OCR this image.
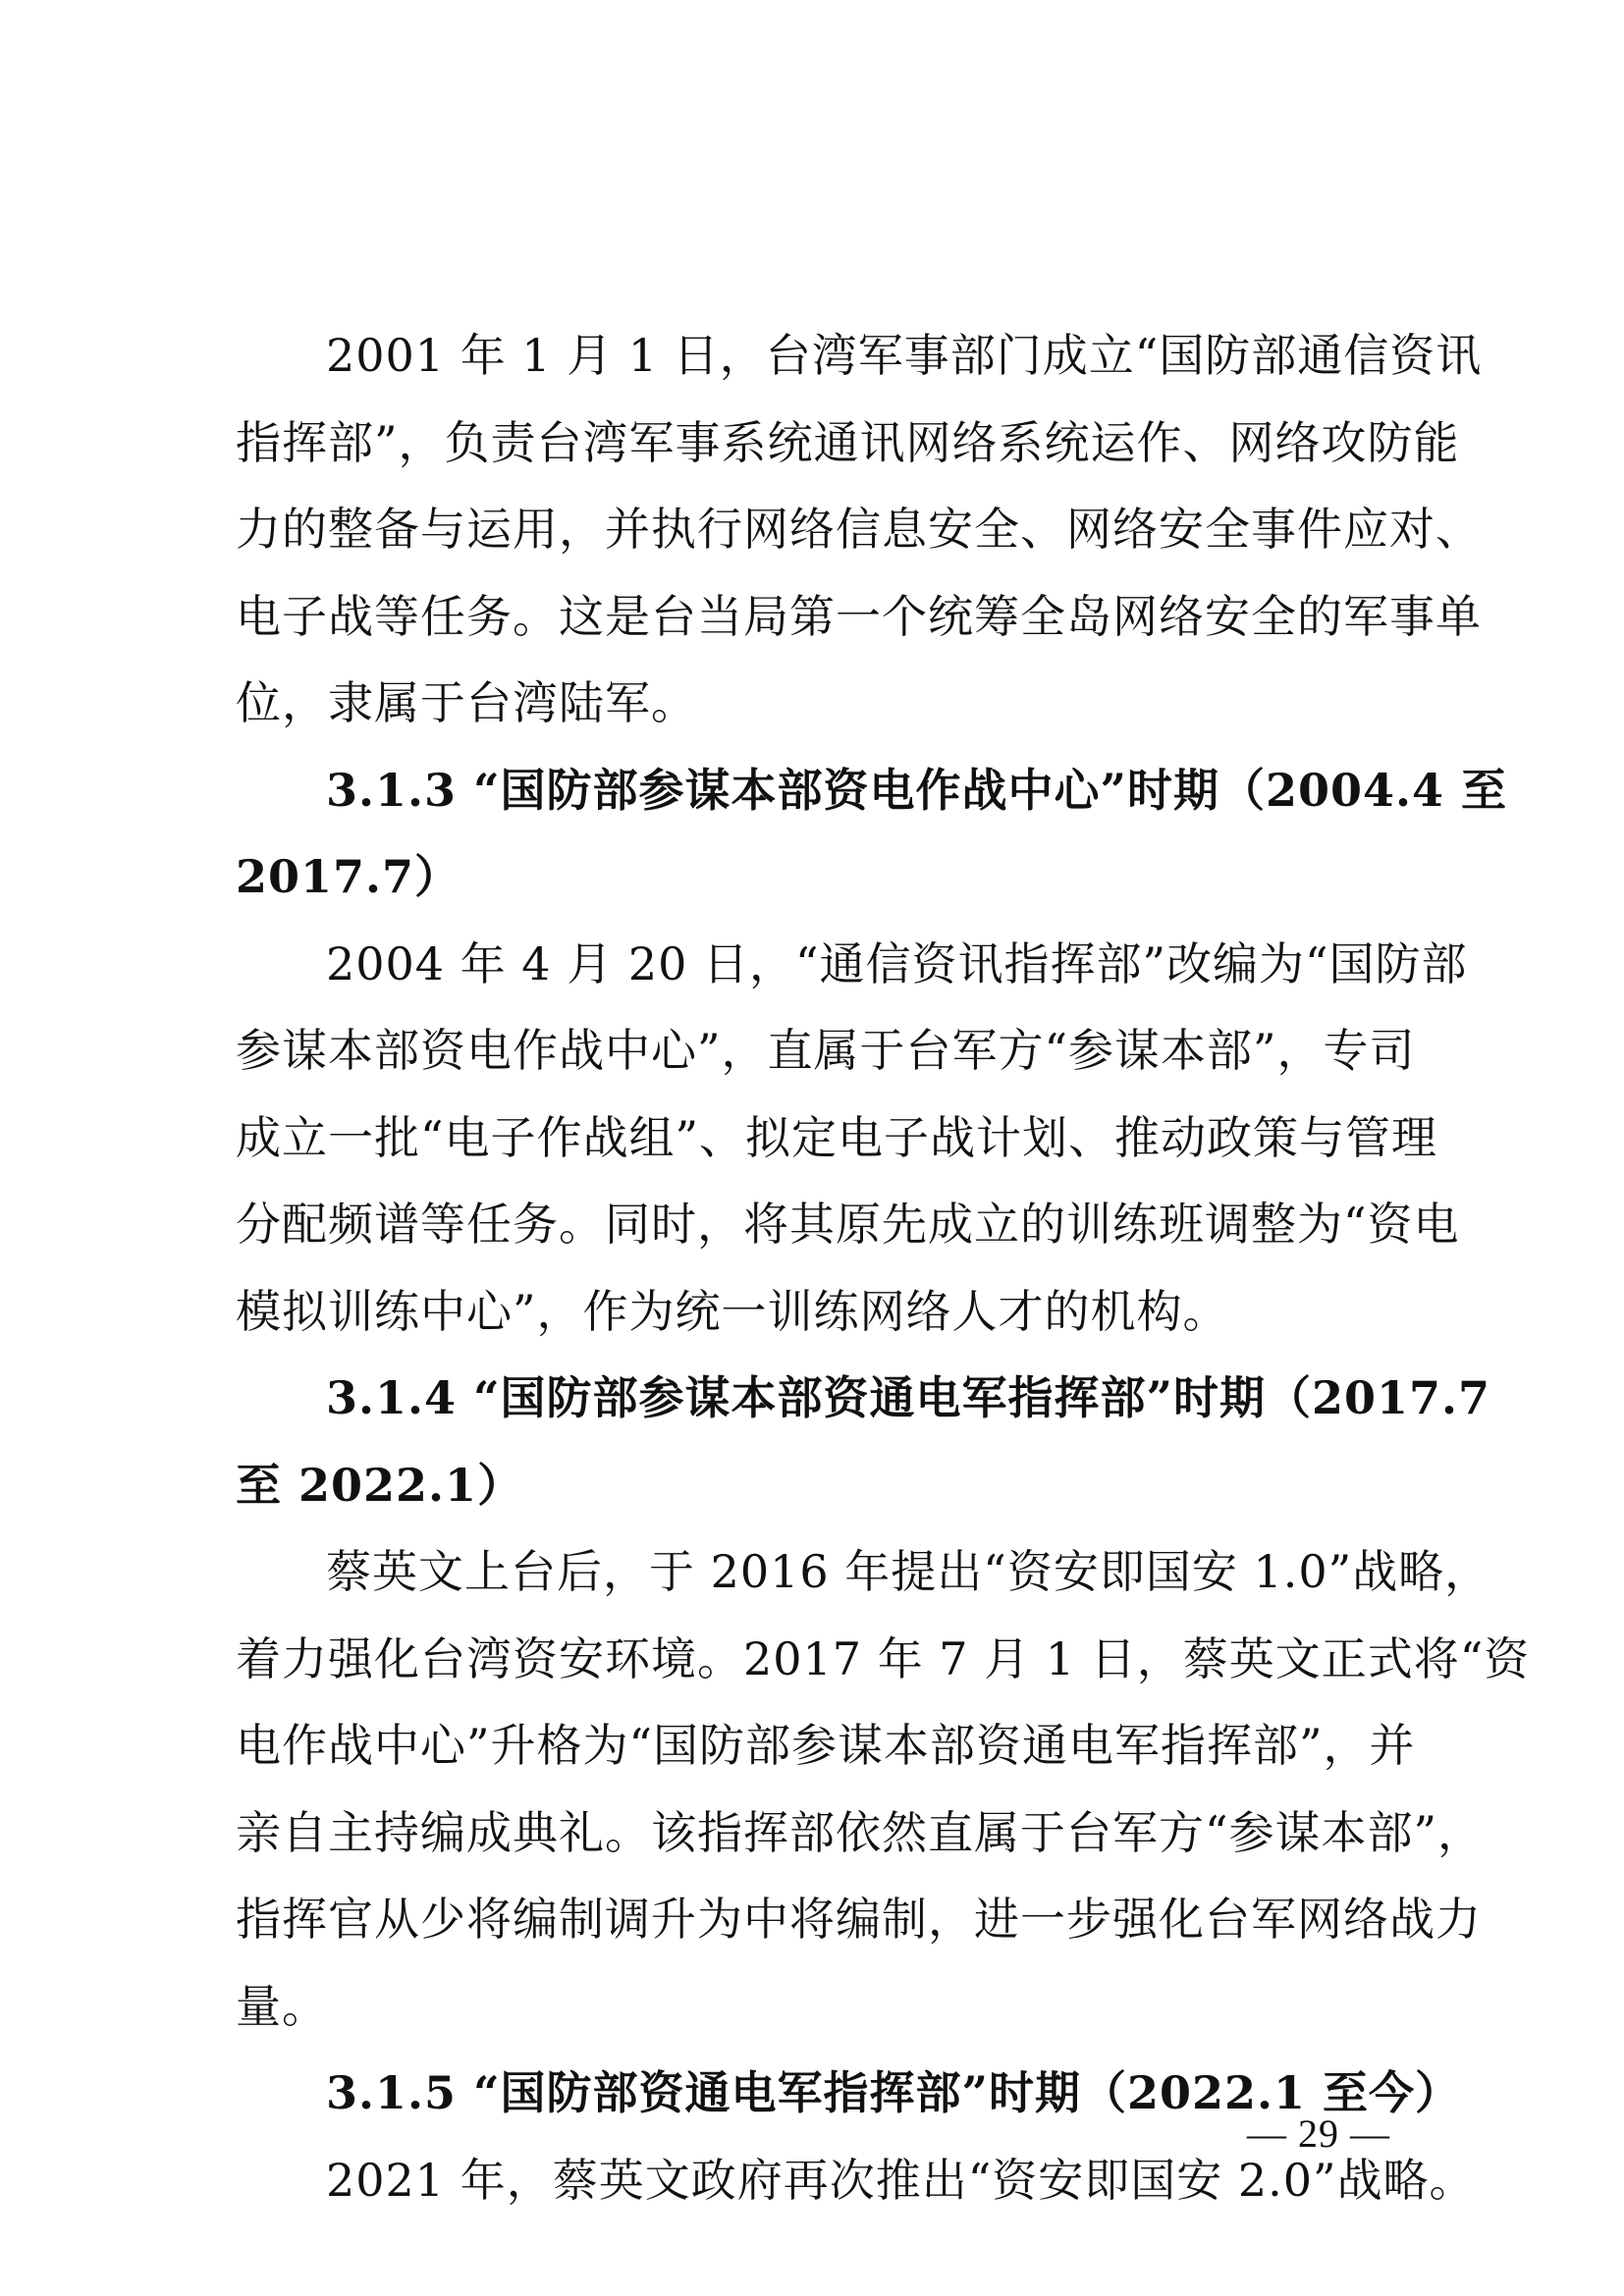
2001 年 1 月 1 日，台湾军事部门成立“国防部通信资讯
指挥部”，负责台湾军事系统通讯网络系统运作、网络攻防能
力的整备与运用，并执行网络信息安全、网络安全事件应对、
电子战等任务。这是台当局第一个统筹全岛网络安全的军事单
位，隶属于台湾陆军。

3.1.3 “国防部参谋本部资电作战中心”时期（2004.4 至
2017.7）

2004 年 4 月 20 日，“通信资讯指挥部”改编为“国防部
参谋本部资电作战中心”，直属于台军方“参谋本部”，专司
成立一批“电子作战组”、拟定电子战计划、推动政策与管理
分配频谱等任务。同时，将其原先成立的训练班调整为“资电
模拟训练中心”，作为统一训练网络人才的机构。

3.1.4 “国防部参谋本部资通电军指挥部”时期（2017.7
至 2022.1）

蔡英文上台后，于 2016 年提出“资安即国安 1.0”战略，
着力强化台湾资安环境。2017 年 7 月 1 日，蔡英文正式将“资
电作战中心”升格为“国防部参谋本部资通电军指挥部”，并
亲自主持编成典礼。该指挥部依然直属于台军方“参谋本部”，
指挥官从少将编制调升为中将编制，进一步强化台军网络战力
量。

3.1.5 “国防部资通电军指挥部”时期（2022.1 至今）

2021 年，蔡英文政府再次推出“资安即国安 2.0”战略。

— 29 —
